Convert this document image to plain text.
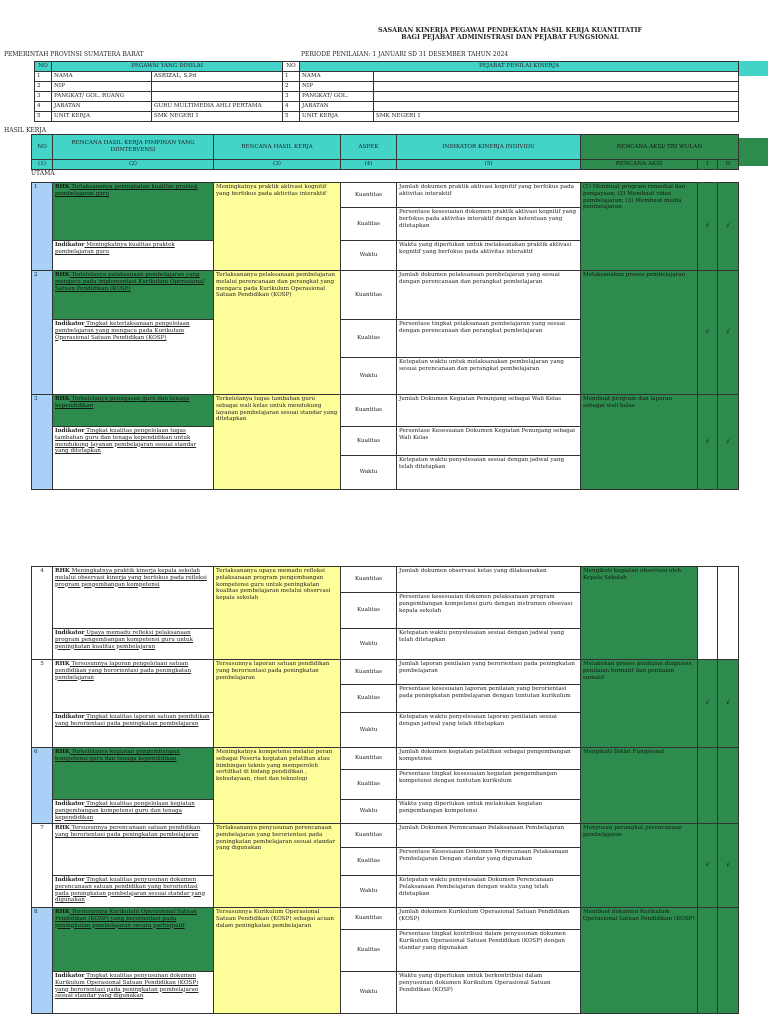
SASARAN KINERJA PEGAWAI PENDEKATAN HASIL KERJA KUANTITATIF
BAGI PEJABAT ADMINISTRASI DAN PEJABAT FUNGSIONAL
PEMERINTAH PROVINSI SUMATERA BARAT	PERIODE PENILAIAN: 1 JANUARI SD 31 DESEMBER TAHUN 2024
NO	PEGAWAI YANG DINILAI		NO	PEJABAT PENILAI KINERJA	
1	NAMA	ASRIZAL, S.Pd	1	NAMA	
2	NIP		2	NIP	
3	PANGKAT/ GOL. RUANG		3	PANGKAT/ GOL.	
4	JABATAN	GURU MULTIMEDIA AHLI PERTAMA	4	JABATAN	
5	UNIT KERJA	SMK NEGERI 1	5	UNIT KERJA	SMK NEGERI 1
HASIL KERJA
NO	RENCANA HASIL KERJA PIMPINAN YANG DIINTERVENSI	RENCANA HASIL KERJA	ASPEK	INDIKATOR KINERJA INDIVIDU	RENCANA AKSI/ TRI WULAN		
(1)	(2)	(3)	(4)	(5)	RENCANA AKSI	I	II
UTAMA
1	RHK Terlaksananya peningkatan kualitas praktek pembelajaran guru	Meningkatnya praktik aktivasi kognitif yang berfokus pada aktivitas interaktif	Kuantitas	Jumlah dokumen praktik aktivasi kognitif yang berfokus pada aktivitas interaktif	(1) Membuat program remedial dan pengayaan; (2) Membuat video pembelajaran; (3) Membuat media pembelajaran	√	√
			Kualitas	Persentase kesesuaian dokumen praktik aktivasi kognitif yang berfokus pada aktivitas interaktif dengan ketentuan yang ditetapkan			
	Indikator Meningkatnya kualitas praktek pembelajaran guru		Waktu	Waktu yang diperlukan untuk melaksanakan praktik aktivasi kognitif yang berfokus pada aktivitas interaktif			
2	RHK Terlelolanya pelaksanaan pembelajaran yang mengacu pada implementasi Kurikulum Operasional Satuan Pendidikan (KOSP)	Terlaksananya pelaksanaan pembelajaran melalui perencanaan dan perangkat yang mengacu pada Kurikulum Operasional Satuan Pendidikan (KOSP)	Kuantitas	Jumlah dokumen pelaksanaan pembelajaran yang sesuai dengan perencanaan dan perangkat pembelajaran	Melaksanakan proses pembelajaran	√	√
	Indikator Tingkat keterlaksanaan pengelolaan pembelajaran yang mengacu pada Kurikulum Operasional Satuan Pendidikan (KOSP)		Kualitas	Persentase tingkat pelaksanaan pembelajaran yang sesuai dengan perencanaan dan perangkat pembelajaran			
			Waktu	Ketepatan waktu untuk melaksanakan pembelajaran yang sesuai perencanaan dan perangkat pembelajaran			
3	RHK Terkelolanya penugasan guru dan tenaga kependidikan	Terkelolanya tugas tambahan guru sebagai wali kelas untuk mendukung layanan pembelajaran sesuai standar yang ditetapkan	Kuantitas	Jumlah Dokumen Kegiatan Penunjang sebagai Wali Kelas	Membuat program dan laporan sebagai wali kelas	√	√
	Indikator Tingkat kualitas pengelolaan tugas tambahan guru dan tenaga kependidikan untuk mendukung layanan pembelajaran sesuai standar yang ditetapkan		Kualitas	Persentase Kesesuaian Dokumen Kegiatan Penunjang sebagai Wali Kelas			
			Waktu	Ketepatan waktu penyelesaian sesuai dengan jadwal yang telah ditetapkan			
4	RHK Meningkatnya praktik kinerja kepala sekolah melalui observasi kinerja yang berfokus pada refleksi program pengembangan kompetensi	Terlaksananya upaya memadu refleksi pelaksanaan program pengembangan kompetensi guru untuk peningkatan kualitas pembelajaran melalui observasi kepala sekolah	Kuantitas	Jumlah dokumen observasi kelas yang dilaksanakan	Mengikuti kegiatan observasi oleh Kepala Sekolah		
			Kualitas	Persentase kesesuaian dokumen pelaksanaan program pengembangan kompetensi guru dengan instrumen obsevasi kepala sekolah			
	Indikator Upaya memadu refleksi pelaksanaan program pengembangan kompetensi guru untuk peningkatan kualitas pembelajaran		Waktu	Ketepatan waktu penyelesaian sesuai dengan jadwal yang telah ditetapkan			
5	RHK Tersusunnya laporan pengelolaan satuan pendidikan yang berorientasi pada peningkatan pembelajaran	Tersusunnya laporan satuan pendidikan yang berorientasi pada peningkatan pembelajaran	Kuantitas	Jumlah laporan penilaian yang berorientasi pada peningkatan pembelajaran	Melakukan proses penilaian diagnosis, penilaian formatif dan penilaian sumatif	√	√
			Kualitas	Persentase kesesuaian laporan penilaian yang berorientasi pada peningkatan pembelajaran dengan tuntutan kurikulum			
	Indikator Tingkat kualitas laporan satuan pendidikan yang berorientasi pada peningkatan pembelajaran		Waktu	Ketepatan waktu penyelesaian laporan penilaian sesuai dengan jadwal yang telah ditetapkan			
6	RHK Terkelolanya kegiatan pengembangan kompetensi guru dan tenaga kependidikan	Meningkatnya kompetensi melalui peran sebagai Peserta kegiatan pelatihan atau bimbingan teknis yang memperoleh sertifikat di bidang pendidikan , kebudayaan, riset dan teknologi	Kuantitas	Jumlah dokumen kegiatan pelatihan sebagai pengembangan kompetensi	Mengikuti Diklat Fungsional		
			Kualitas	Persentase tingkat kesesuaian kegiatan pengembangan kompetensi dengan tuntutan kurikulum			
	Indikator Tingkat kualitas pengelolaan kegiatan pengembangan kompetensi guru dan tenaga kependidikan		Waktu	Waktu yang diperlukan untuk melakukan kegiatan pengembangan kompetensi			
7	RHK Tersusunnya perencanaan satuan pendidikan yang berorientasi pada peningkatan pembelajaran	Terlaksananya penyusunan perencanaan pembelajaran yang berorientasi pada peningkatan pembelajaran sesuai standar yang digunakan	Kuantitas	Jumlah Dokumen Perencanaan Pelaksanaan Pembelajaran	Menyusun perangkat perencanaan pembelajaran	√	√
			Kualitas	Persentase Kesesuaian Dokumen Perencanaan Pelaksanaan Pembelajaran Dengan standar yang digunakan			
	Indikator Tingkat kualitas penyusunan dokumen perencanaan satuan pendidikan yang berorientasi pada peningkatan pembelajaran sesuai standar yang digunakan		Waktu	Ketepatan waktu penyelesaian Dokumen Perencanaan Pelaksanaan Pembelajaran dengan waktu yang telah ditetapkan			
8	RHK Tersusunnya Kurikulum Operasional Satuan Pendidikan (KOSP) yang berorientasi pada peningkatan pembelajaran secara partisipatif	Tersusunnya Kurikulum Operasional Satuan Pendidikan (KOSP) sebagai acuan dalam peningkatan pembelajaran	Kuantitas	Jumlah dokumen Kurikulum Operasional Satuan Pendidikan (KOSP)	Membuat dokumen Kurikulum Operasional Satuan Pendidikan (KOSP)		
			Kualitas	Persentase tingkat kontribusi dalam penyusunan dokumen Kurikulum Operasional Satuan Pendidikan (KOSP) dengan standar yang digunakan			
	Indikator Tingkat kualitas penyusunan dokumen Kurikulum Operasional Satuan Pendidikan (KOSP) yang berorientasi pada peningkatan pembelajaran sesuai standar yang digunakan		Waktu	Waktu yang diperlukan untuk berkontribusi dalam penyusunan dokumen Kurikulum Operasional Satuan Pendidikan (KOSP)			
